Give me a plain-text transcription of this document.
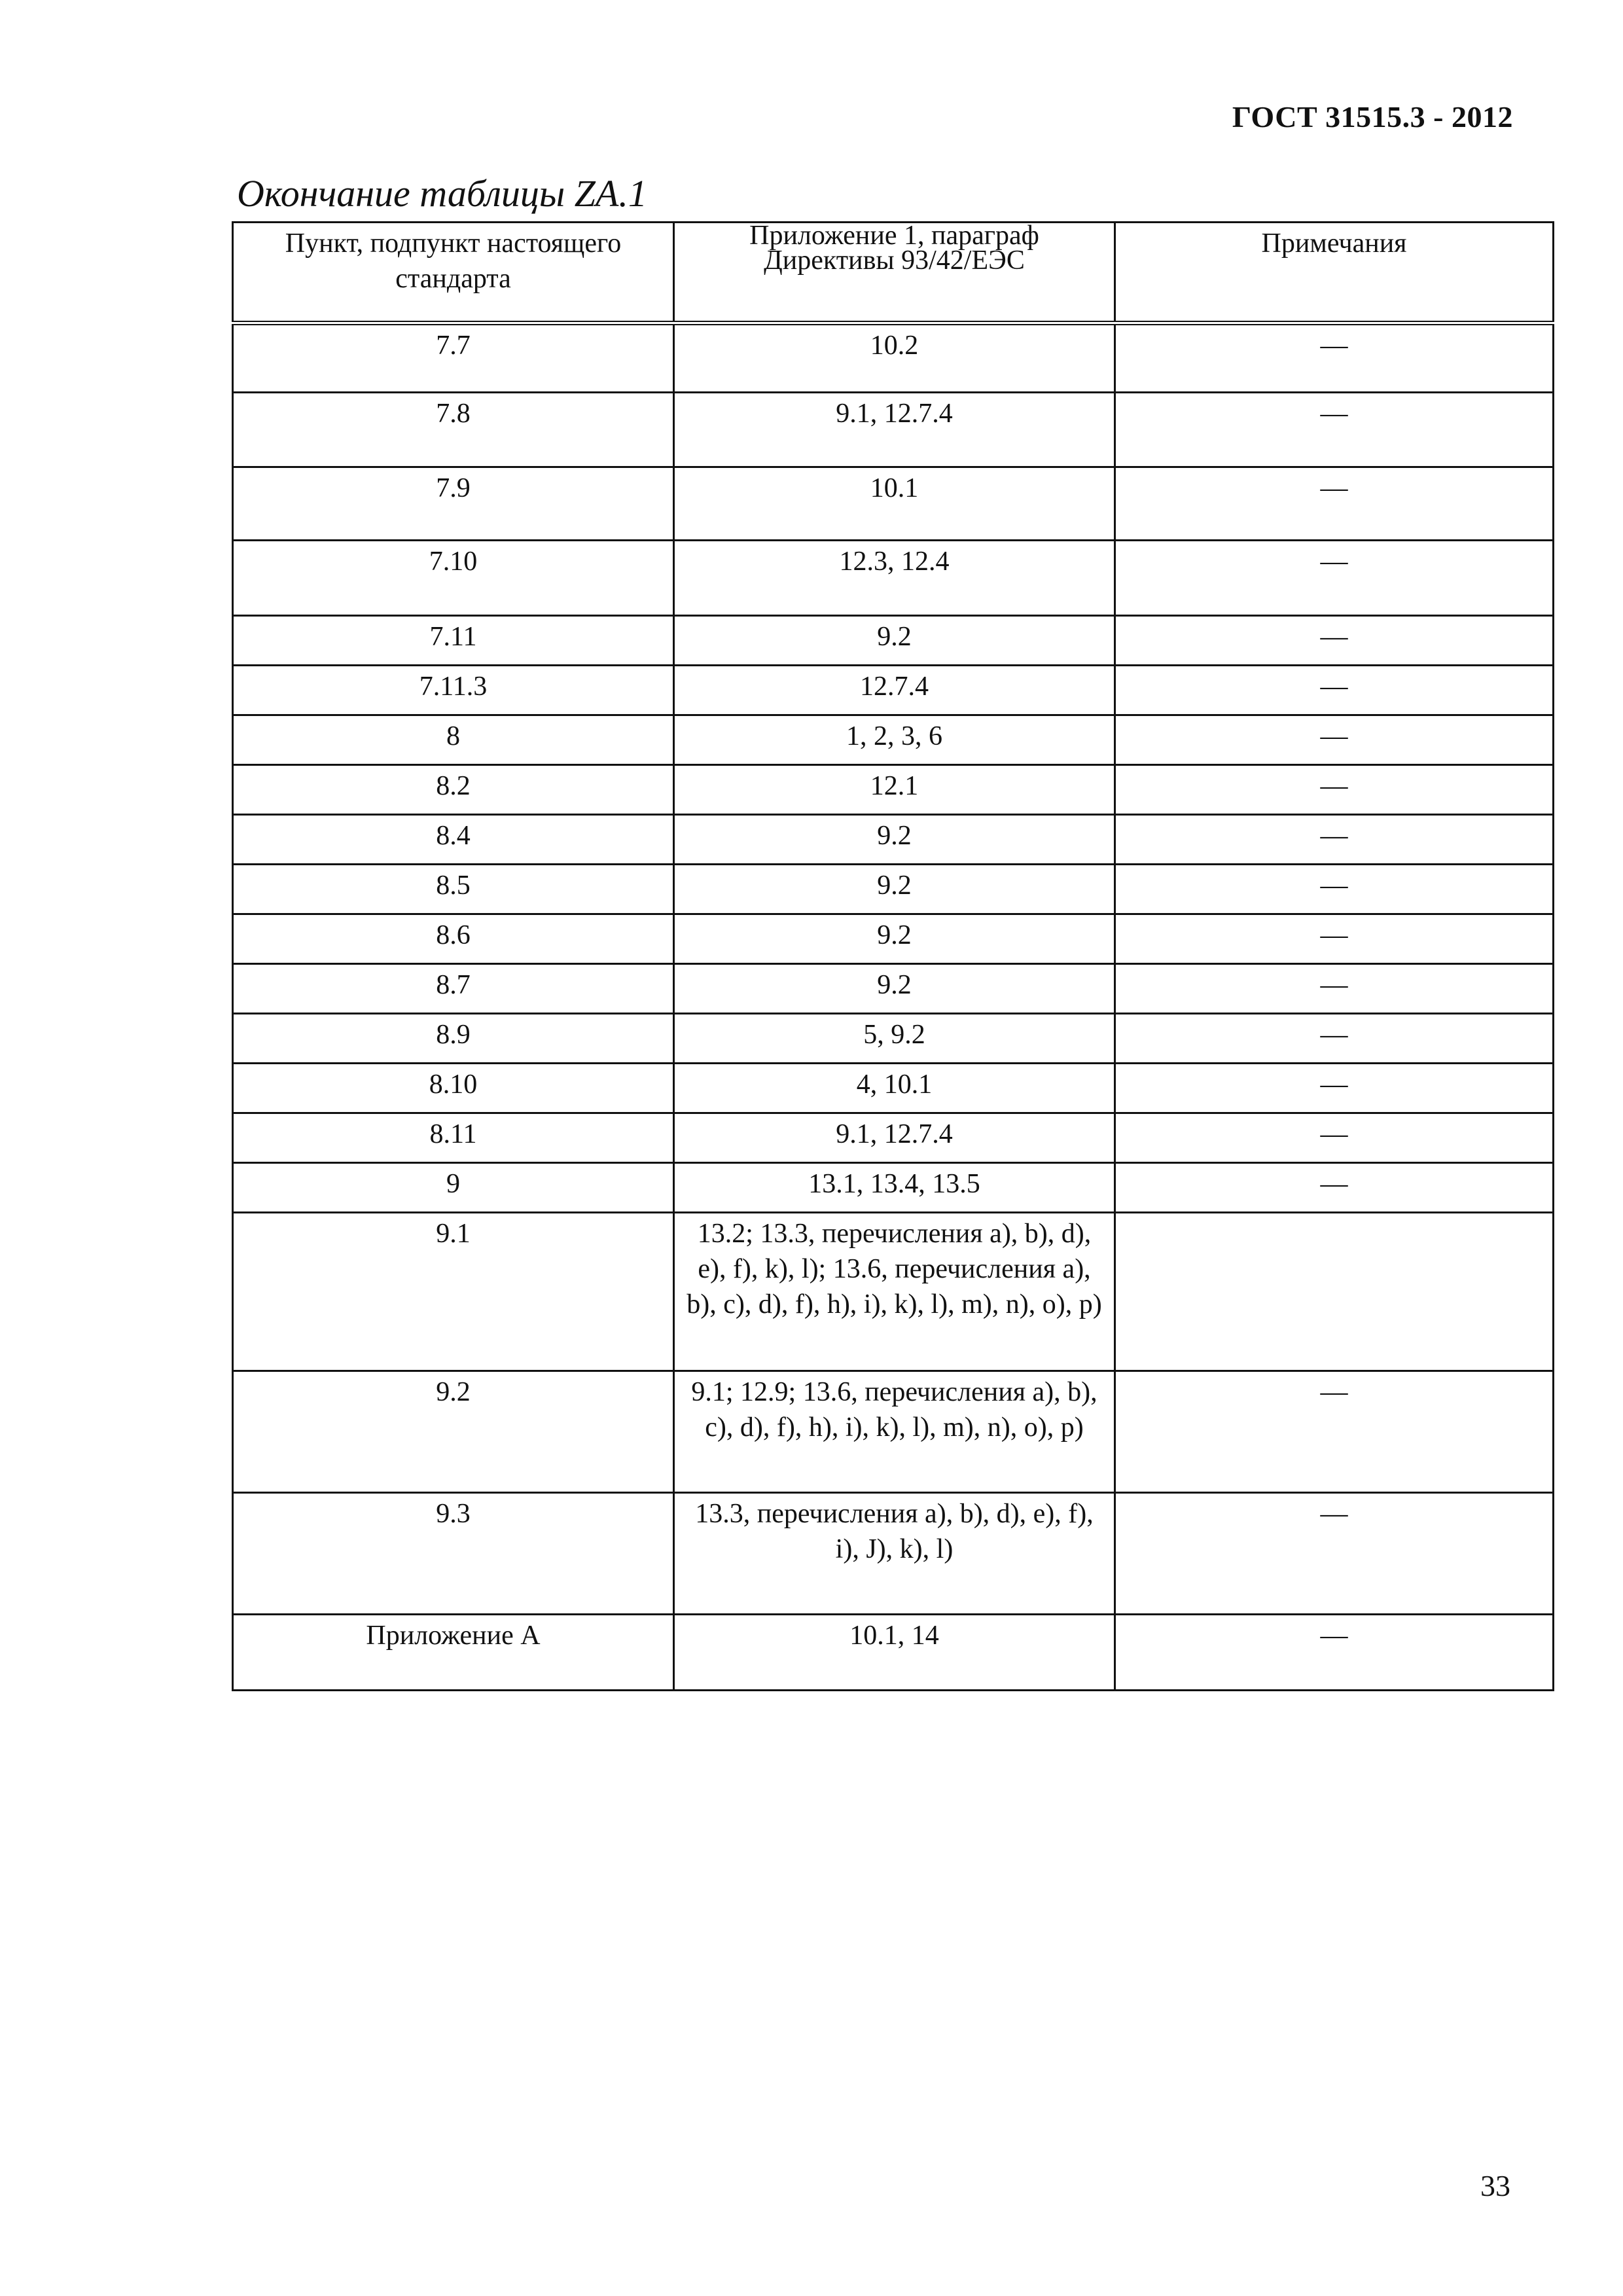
ГОСТ 31515.3 - 2012
Окончание таблицы ZA.1
Пункт, подпункт настоящего стандарта	Приложение 1, параграф Директивы 93/42/ЕЭС	Примечания
7.7	10.2	—
7.8	9.1, 12.7.4	—
7.9	10.1	—
7.10	12.3, 12.4	—
7.11	9.2	—
7.11.3	12.7.4	—
8	1, 2, 3, 6	—
8.2	12.1	—
8.4	9.2	—
8.5	9.2	—
8.6	9.2	—
8.7	9.2	—
8.9	5, 9.2	—
8.10	4, 10.1	—
8.11	9.1, 12.7.4	—
9	13.1, 13.4, 13.5	—
9.1	13.2; 13.3, перечисления a), b), d), e), f), k), l); 13.6, перечисления a), b), c), d), f), h), i), k), l), m), n), o), p)	
9.2	9.1; 12.9; 13.6, перечисления a), b), c), d), f), h), i), k), l), m), n), o), p)	—
9.3	13.3, перечисления a), b), d), e), f), i), J), k), l)	—
Приложение А	10.1, 14	—
33
